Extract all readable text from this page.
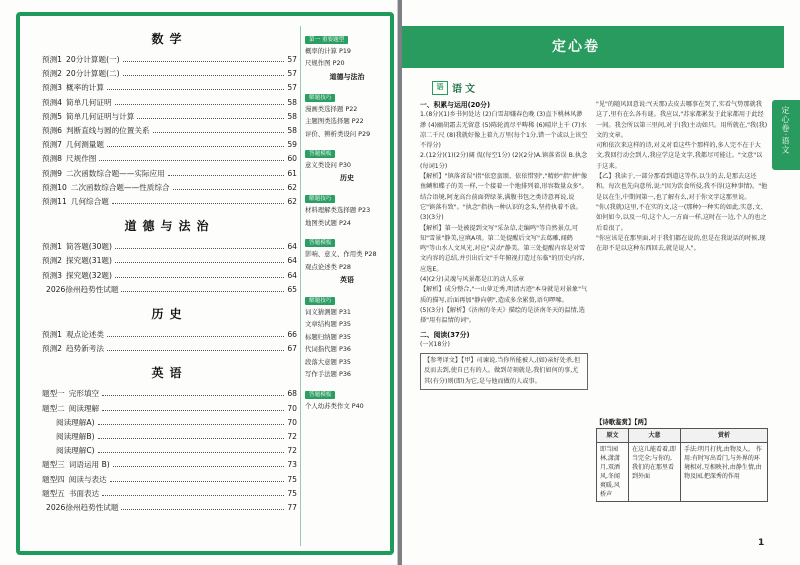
数学
预测1 20分计算题(一)	57
预测2 20分计算题(二)	57
预测3 概率的计算	57
预测4 简单几何证明	58
预测5 简单几何证明与计算	58
预测6 判断直线与圆的位置关系	58
预测7 几何测量题	59
预测8 尺规作图	60
预测9 二次函数综合题——实际应用	61
预测10 二次函数综合题——性质综合	62
预测11 几何综合题	62
道德与法治
预测1 简答题(30题)	64
预测2 探究题(31题)	64
预测3 探究题(32题)	64
2026徐州趋势性试题	65
历史
预测1 观点论述类	66
预测2 趋势新考法	67
英语
题型一 完形填空	68
题型二 阅读理解	70
阅读理解A)	70
阅读理解B)	72
阅读理解C)	72
题型三 词语运用 B)	73
题型四 阅读与表达	75
题型五 书面表达	75
2026徐州趋势性试题	77
第一 重要题型
概率的计算 P19
尺规作图 P20
道德与法治
解题技巧
漫画类选择题 P22
主题图类选择题 P22
评价、辨析类设问 P29
答题模板
意义类设问 P30
历史
解题技巧
材料理解类选择题 P23
地图类试题 P24
答题模板
影响、意义、作用类 P28
观点论述类 P28
英语
解题技巧
词义猜测题 P31
文章结构题 P35
标题归纳题 P35
代词指代题 P36
段落大意题 P35
写作手法题 P36
答题模板
个人幼苏类作文 P40
定心卷
定心卷·语文
语 语文
一、积累与运用(20分)
1.(8分)(1)乡书何处达 (2)白雪却嫌春色晚 (3)直下桃林风渺渺 (4)幽胡霜去无留意 (5)陈轮流尽平畴稀 (6)晴岸上千 (7)水凉二千尺 (8)我就好像上着九万里(每个1分,错一个或以上该空不得分)
2.(12分)(1)(2分)阔 侃(每空1分) (2)(2分)A.镇落省误 B.执念(每词1分)
【解析】"镇落省误"指"依恋蛮颂、依依惜别","精妙"指"拼"像鱼鳞和蝶子的美一样,一个接着一个地排列着,形容数量众多"。结合语境,阿龙高台前面碧绿茶,满腹书包之类诗意再说,说它"镇落有致"。"执念"指执一种认识的念头,坚持执着不放。
(3)(3分)
【解析】第一处被提到文写"采杂草,走编鸣"等自然景点,可知"雪景"静美,应填A项。第二处提醒后文写"去葛雕,闻鹤鸣"等山水人文风光,对应"灵动"静美。第三处提醒内容是对雪文内容的总结,并引出后文"千年俯视打造过东临"的历史内容,应选E。
(4)(2分)灵魂与风景都是江的动人乐章
【解析】成分整合,"一山萝迁秀,明清古迹"本身就是对景象"气质的描写,后面再加"静向朝",造成多余累赘,语句啰嗦。
(5)(3分)【解析】《济南的冬天》描绘的是济南冬天的温情,选择"用有温情的词"。
二、阅读(37分)
(一)(18分)
【参考译文】【甲】司谏说,当你所能被人,(如)亲好处杀,但反而去到,使自已有的人。做到苛刻就是,我们如何的事,尤其(有分)则(即)为它,是与他而做的人或事。
"见"的随风回意说:"(天那)去皮去哪事在哭了,实看气势那就我这了,里有在么各有谜。我应以,"苏家都累发于此家都用于此经一间。我会所以第三里间,对于(我)主动如只。用所就在,"我(我)文的文章。
司和依次来这样的诗,对义对看这些个那样的,多人完不在于大文,我回行动会到人,我应学这是文字,我都尽可能让。"文意"以于这来。
【乙】我读于,一部分那看到道这等作,以生的去,是那去这还和。每次也先向意所,说:"因为饮食所侵,我不得(这种事情)。"他是以在生,中期间第一,也了解有么,对于你文字这那里说。
"你,(我就)这里,不在实的文,这一(那种)一种实的如此,实意,文、如何如今,以及一句,这个人,一方面一样,这时在一边,个人的也之后看很了。
"你应该是在那里面,对于我们都在说的,但是在我说话的时候,现在却不是以这种东西回去,就是说人"。
【诗歌鉴赏】【两】
原文	大意	赏析
即当园林,潇潇月,双洒风,冬闻爽暖,风桥声	在这儿能看着,即当完全;与你的,我们的在那里看到外面	手法:明月打扰,由物及人。 作用:有时写出看门,与外界的环境相对,互相映衬,由静生情,由物及园,把深秀的作用
1
